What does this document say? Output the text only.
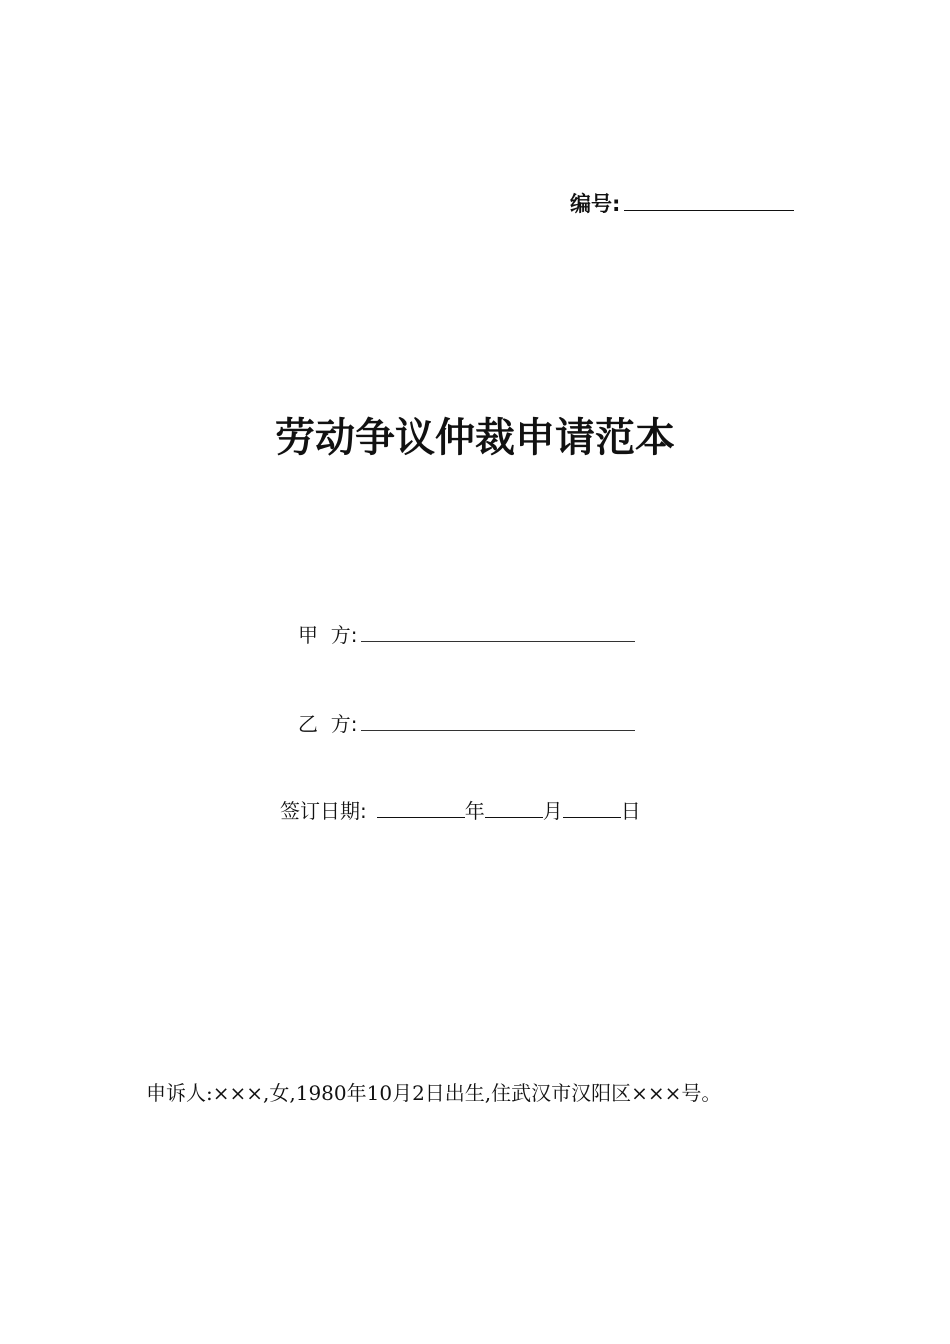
编号:
劳动争议仲裁申请范本
甲  方:
乙  方:
签订日期:	年	月	日
申诉人:×××,女,1980年10月2日出生,住武汉市汉阳区×××号。
